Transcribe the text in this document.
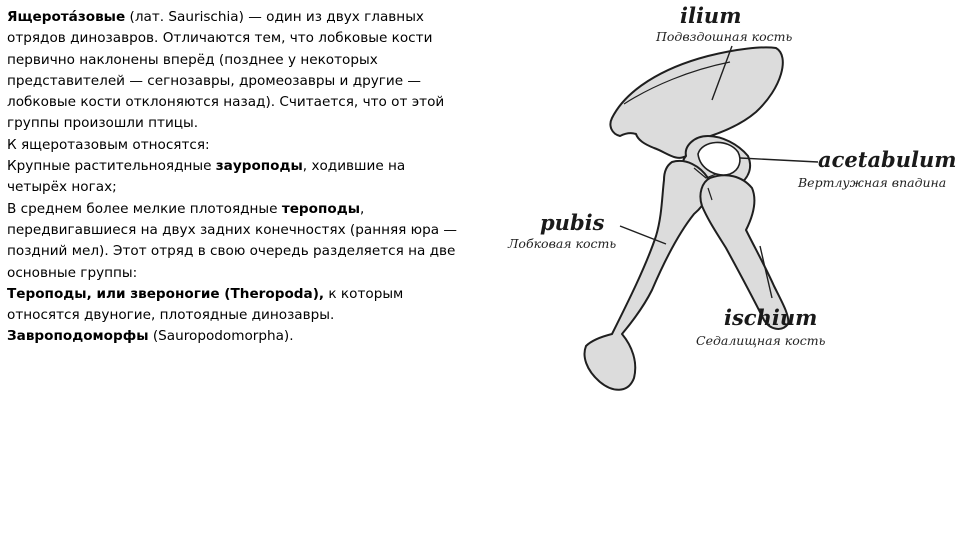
Ящерота́зовые (лат. Saurischia) — один из двух главных отрядов динозавров. Отличаются тем, что лобковые кости первично наклонены вперёд (позднее у некоторых представителей — сегнозавры, дромеозавры и другие — лобковые кости отклоняются назад). Считается, что от этой группы произошли птицы.

К ящеротазовым относятся:

Крупные растительноядные зауроподы, ходившие на четырёх ногах;

В среднем более мелкие плотоядные тероподы, передвигавшиеся на двух задних конечностях (ранняя юра — поздний мел). Этот отряд в свою очередь разделяется на две основные группы:

Тероподы, или звероногие (Theropoda), к которым относятся двуногие, плотоядные динозавры.

Завроподоморфы (Sauropodomorpha).

ilium
Подвздошная кость
acetabulum
Вертлужная впадина
pubis
Лобковая кость
ischium
Седалищная кость
